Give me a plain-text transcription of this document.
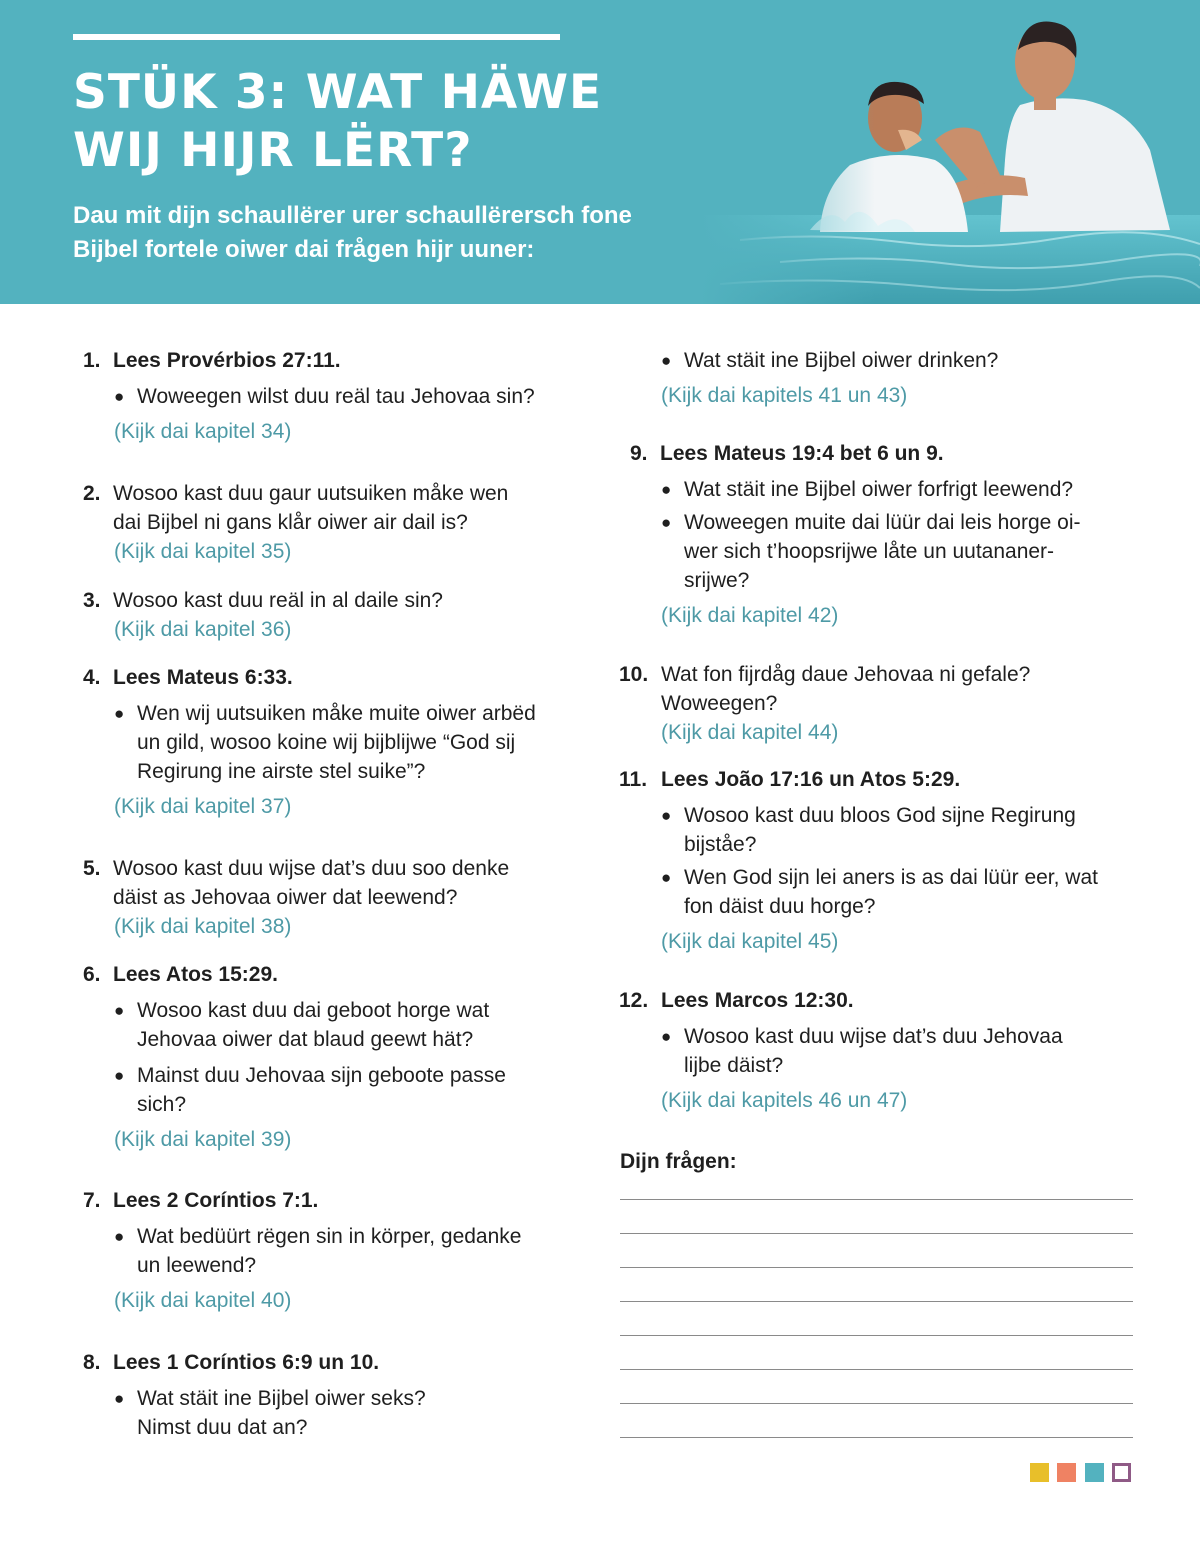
STÜK 3: WAT HÄWE
WIJ HIJR LËRT?

Dau mit dijn schaullërer urer schaullërersch fone
Bijbel fortele oiwer dai frågen hijr uuner:

1. Lees Provérbios 27:11.
● Woweegen wilst duu reäl tau Jehovaa sin?
(Kijk dai kapitel 34)
2. Wosoo kast duu gaur uutsuiken måke wen
dai Bijbel ni gans klår oiwer air dail is?
(Kijk dai kapitel 35)
3. Wosoo kast duu reäl in al daile sin?
(Kijk dai kapitel 36)
4. Lees Mateus 6:33.
● Wen wij uutsuiken måke muite oiwer arbëd
un gild, wosoo koine wij bijblijwe “God sij
Regirung ine airste stel suike”?
(Kijk dai kapitel 37)
5. Wosoo kast duu wijse dat’s duu soo denke
däist as Jehovaa oiwer dat leewend?
(Kijk dai kapitel 38)
6. Lees Atos 15:29.
● Wosoo kast duu dai geboot horge wat
Jehovaa oiwer dat blaud geewt hät?
● Mainst duu Jehovaa sijn geboote passe
sich?
(Kijk dai kapitel 39)
7. Lees 2 Coríntios 7:1.
● Wat bedüürt rëgen sin in körper, gedanke
un leewend?
(Kijk dai kapitel 40)
8. Lees 1 Coríntios 6:9 un 10.
● Wat stäit ine Bijbel oiwer seks?
Nimst duu dat an?
● Wat stäit ine Bijbel oiwer drinken?
(Kijk dai kapitels 41 un 43)
9. Lees Mateus 19:4 bet 6 un 9.
● Wat stäit ine Bijbel oiwer forfrigt leewend?
● Woweegen muite dai lüür dai leis horge oi-
wer sich t’hoopsrijwe låte un uutananer-
srijwe?
(Kijk dai kapitel 42)
10. Wat fon fijrdåg daue Jehovaa ni gefale?
Woweegen?
(Kijk dai kapitel 44)
11. Lees João 17:16 un Atos 5:29.
● Wosoo kast duu bloos God sijne Regirung
bijståe?
● Wen God sijn lei aners is as dai lüür eer, wat
fon däist duu horge?
(Kijk dai kapitel 45)
12. Lees Marcos 12:30.
● Wosoo kast duu wijse dat’s duu Jehovaa
lijbe däist?
(Kijk dai kapitels 46 un 47)
Dijn frågen:
